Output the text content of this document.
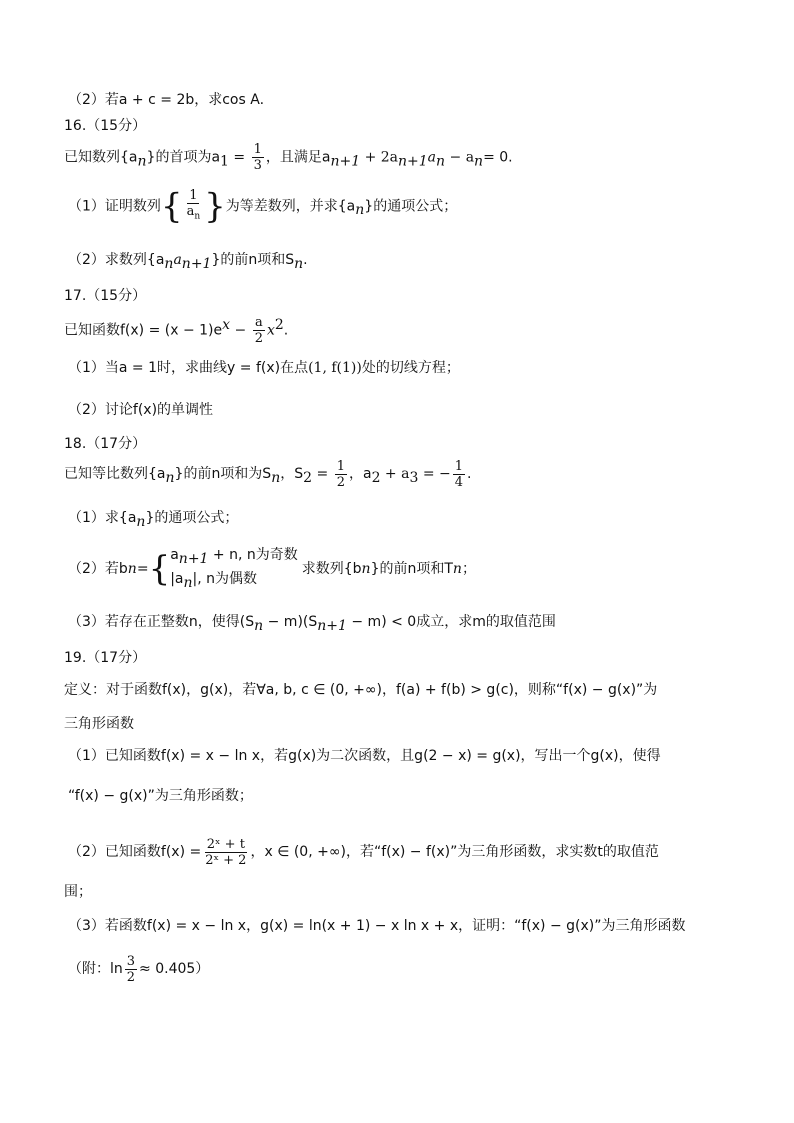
（2）若a + c = 2b，求cos A.
16.（15分）
已知数列$\{a_n\}$的首项为$a_1 = \frac{1}{3}$ ，且满足$a_{n+1} + 2a_{n+1}a_n - a_n= 0$.
（1）证明数列{ $\frac{1}{a_n}$ }为等差数列，并求$\{a_n\}$的通项公式；
（2）求数列$\{a_na_{n+1}\}$的前n项和$S_n$.
17.（15分）
已知函数$f(x) = (x - 1)e^x - \frac{a}{2} x^2$.
（1）当a = 1时，求曲线y = f(x)在点(1, f(1))处的切线方程；
（2）讨论f(x)的单调性
18.（17分）
已知等比数列$\{a_n\}$的前n项和为$S_n$，$S_2 = \frac{1}{2}$ ，$a_2 + a_3$ = − $\frac{1}{4}$ .
（1）求$\{a_n\}$的通项公式；
（2）若b n = { $a_{n+1} + n$, n为奇数
$|a_n|$, n为偶数
求数列{b n }的前n项和T n ；
（3）若存在正整数n，使得$(S_n - m)(S_{n+1} - m) < 0$成立，求m的取值范围
19.（17分）
定义：对于函数f(x)，g(x)，若∀a, b, c ∈ (0, +∞)，f(a) + f(b) > g(c)，则称“f(x) − g(x)”为
三角形函数
（1）已知函数f(x) = x − ln x，若g(x)为二次函数，且g(2 − x) = g(x)，写出一个g(x)，使得
“f(x) − g(x)”为三角形函数；
（2）已知函数$f(x) = \frac{\text{2ˣ + t}}{\text{2ˣ + 2}}$ ，x ∈ (0, +∞)，若“f(x) − f(x)”为三角形函数，求实数t的取值范
围；
（3）若函数f(x) = x − ln x，g(x) = ln(x + 1) − x ln x + x，证明：“f(x) − g(x)”为三角形函数
（附：$\ln \frac{3}{2} \approx 0.405$）
